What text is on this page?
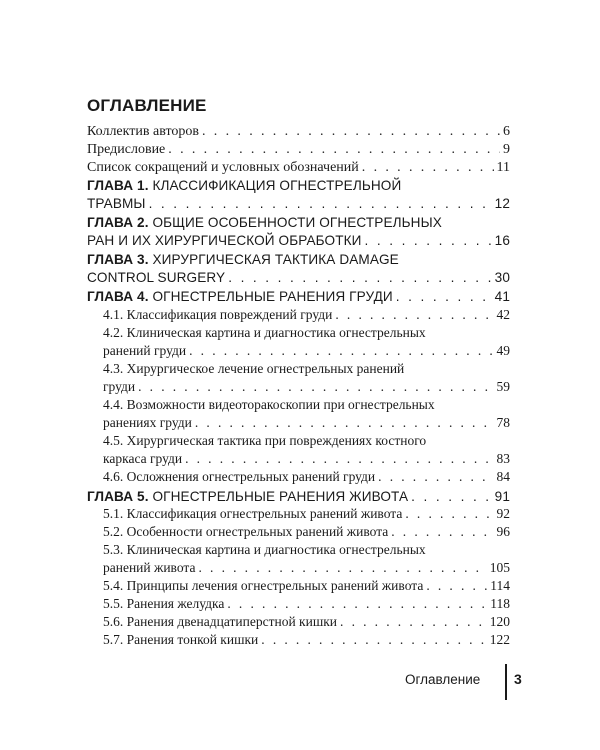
ОГЛАВЛЕНИЕ
Коллектив авторов . . .	6
Предисловие . . .	9
Список сокращений и условных обозначений . . .	11
ГЛАВА 1.
КЛАССИФИКАЦИЯ ОГНЕСТРЕЛЬНОЙ
ТРАВМЫ . . .	12
ГЛАВА 2.
ОБЩИЕ ОСОБЕННОСТИ ОГНЕСТРЕЛЬНЫХ
РАН И ИХ ХИРУРГИЧЕСКОЙ ОБРАБОТКИ . . .	16
ГЛАВА 3.
ХИРУРГИЧЕСКАЯ ТАКТИКА DAMAGE
CONTROL SURGERY . . .	30
ГЛАВА 4.
ОГНЕСТРЕЛЬНЫЕ РАНЕНИЯ ГРУДИ . . .	41
4.1. Классификация повреждений груди . . .	42
4.2. Клиническая картина и диагностика огнестрельных
ранений груди . . .	49
4.3. Хирургическое лечение огнестрельных ранений
груди . . .	59
4.4. Возможности видеоторакоскопии при огнестрельных
ранениях груди . . .	78
4.5. Хирургическая тактика при повреждениях костного
каркаса груди . . .	83
4.6. Осложнения огнестрельных ранений груди . . .	84
ГЛАВА 5.
ОГНЕСТРЕЛЬНЫЕ РАНЕНИЯ ЖИВОТА . . .	91
5.1. Классификация огнестрельных ранений живота . . .	92
5.2. Особенности огнестрельных ранений живота . . .	96
5.3. Клиническая картина и диагностика огнестрельных
ранений живота . . .	105
5.4. Принципы лечения огнестрельных ранений живота . . .	114
5.5. Ранения желудка . . .	118
5.6. Ранения двенадцатиперстной кишки . . .	120
5.7. Ранения тонкой кишки . . .	122
Оглавление 3
